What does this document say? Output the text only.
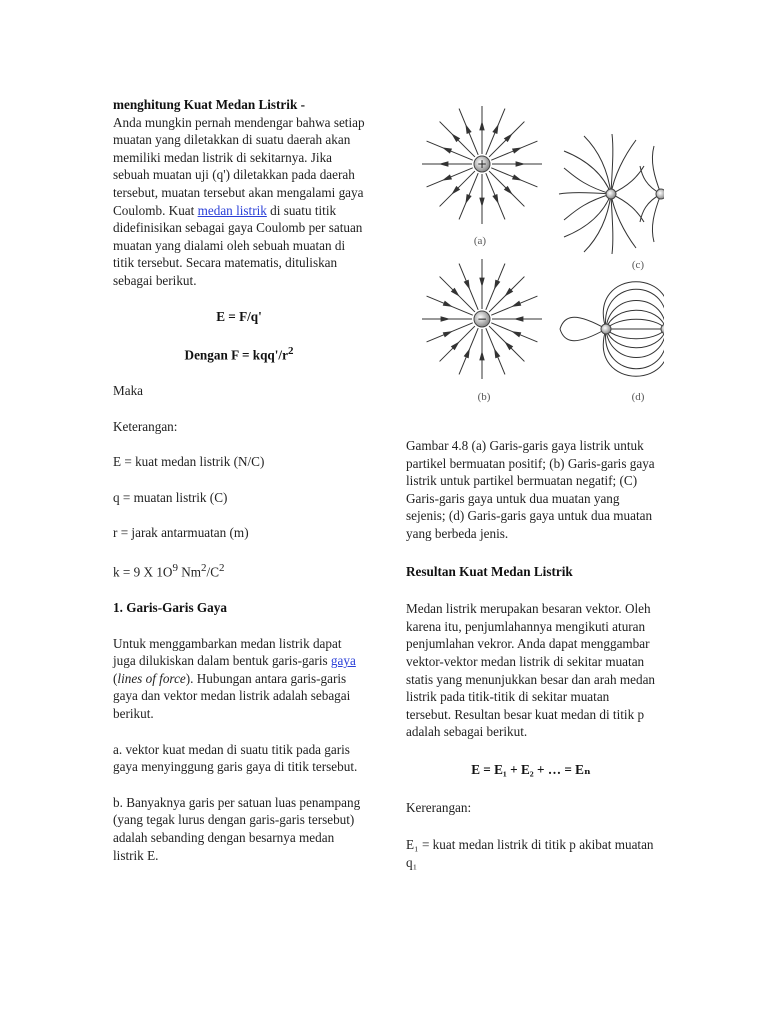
menghitung Kuat Medan Listrik -
Anda mungkin pernah mendengar bahwa setiap muatan yang diletakkan di suatu daerah akan memiliki medan listrik di sekitarnya. Jika sebuah muatan uji (q') diletakkan pada daerah tersebut, muatan tersebut akan mengalami gaya Coulomb. Kuat medan listrik di suatu titik didefinisikan sebagai gaya Coulomb per satuan muatan yang dialami oleh sebuah muatan di titik tersebut. Secara matematis, dituliskan sebagai berikut.

E = F/q'

Dengan $F = kqq'/r^2$

Maka

Keterangan:

E = kuat medan listrik (N/C)

q = muatan listrik (C)

r = jarak antarmuatan (m)

k = 9 X $1O^9$ $Nm^2/C^2$

1. Garis-Garis Gaya

Untuk menggambarkan medan listrik dapat juga dilukiskan dalam bentuk garis-garis gaya (lines of force). Hubungan antara garis-garis gaya dan vektor medan listrik adalah sebagai berikut.

a. vektor kuat medan di suatu titik pada garis gaya menyinggung garis gaya di titik tersebut.

b. Banyaknya garis per satuan luas penampang (yang tegak lurus dengan garis-garis tersebut) adalah sebanding dengan besarnya medan listrik E.

+
−
(a)
(c)
(b)	(d)

Gambar 4.8 (a) Garis-garis gaya listrik untuk partikel bermuatan positif; (b) Garis-garis gaya listrik untuk partikel bermuatan negatif; (C) Garis-garis gaya untuk dua muatan yang sejenis; (d) Garis-garis gaya untuk dua muatan yang berbeda jenis.

Resultan Kuat Medan Listrik

Medan listrik merupakan besaran vektor. Oleh karena itu, penjumlahannya mengikuti aturan penjumlahan vekror. Anda dapat menggambar vektor-vektor medan listrik di sekitar muatan statis yang menunjukkan besar dan arah medan listrik pada titik-titik di sekitar muatan tersebut. Resultan besar kuat medan di titik p adalah sebagai berikut.

E = E₁ + E₂ + … = Eₙ

Kererangan:

E₁ = kuat medan listrik di titik p akibat muatan q₁
